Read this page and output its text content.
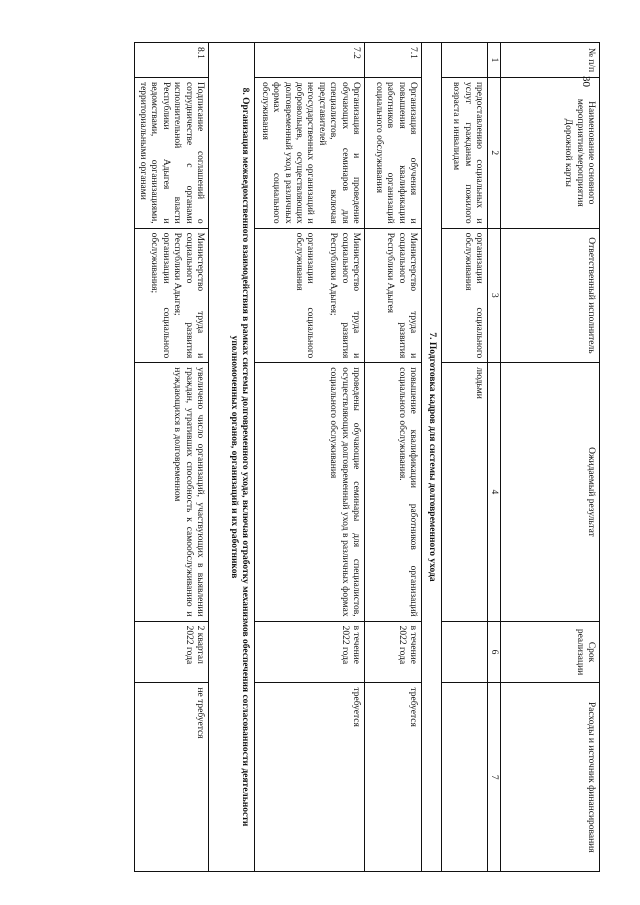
30
№ п/п
Наименование основного мероприятия/мероприятия Дорожной карты
Ответственный исполнитель
Ожидаемый результат
Срок реализации
Расходы и источник финансирования
1
2
3
4
6
7
предоставлению социальных и услуг гражданам пожилого возраста и инвалидам
организации социального обслуживания
людьми
7. Подготовка кадров для системы долговременного ухода
7.1
Организация обучения и повышения квалификации работников организаций социального обслуживания
Министерство труда и социального развития Республики Адыгея
повышение квалификации работников организаций социального обслуживания.
в течение 2022 года
требуется
7.2
Организация и проведение обучающих семинаров для специалистов, включая представителей негосударственных организаций и добровольцев, осуществляющих долговременный уход в различных формах социального обслуживания
Министерство труда и социального развития Республики Адыгея;

организации социального обслуживания
проведены обучающие семинары для специалистов, осуществляющих долговременный уход в различных формах социального обслуживания
в течение 2022 года
требуется
8. Организация межведомственного взаимодействия в рамках системы долговременного ухода, включая отработку механизмов обеспечения согласованности деятельности уполномоченных органов, организаций и их работников
8.1
Подписание соглашений о сотрудничестве с органами исполнительной власти Республики Адыгея и ведомствами, организациями, территориальными органами
Министерство труда и социального развития Республики Адыгея;
организации социального обслуживания;
увеличено число организаций, участвующих в выявлении граждан, утративших способность к самообслуживанию и нуждающихся в долговременном
2 квартал 2022 года
не требуется
